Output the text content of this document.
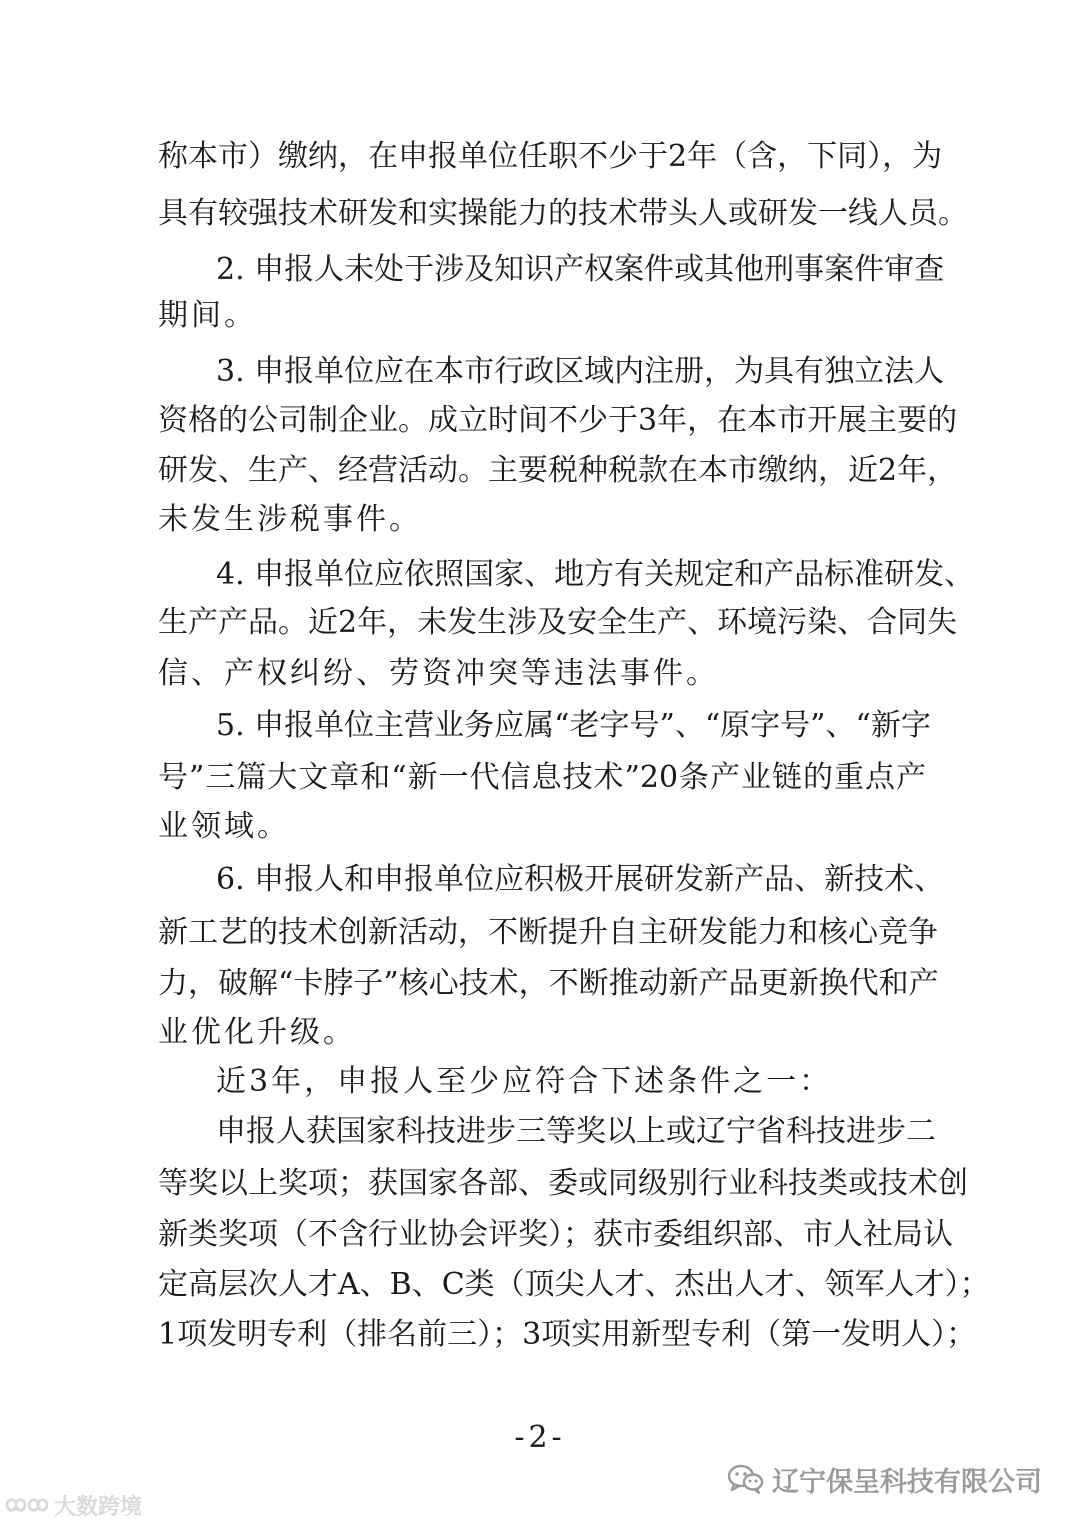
称本市）缴纳，在申报单位任职不少于2年（含，下同），为
具有较强技术研发和实操能力的技术带头人或研发一线人员。
2. 申报人未处于涉及知识产权案件或其他刑事案件审查
期间。
3. 申报单位应在本市行政区域内注册，为具有独立法人
资格的公司制企业。成立时间不少于3年，在本市开展主要的
研发、生产、经营活动。主要税种税款在本市缴纳，近2年，
未发生涉税事件。
4. 申报单位应依照国家、地方有关规定和产品标准研发、
生产产品。近2年，未发生涉及安全生产、环境污染、合同失
信、产权纠纷、劳资冲突等违法事件。
5. 申报单位主营业务应属“老字号”、“原字号”、“新字
号”三篇大文章和“新一代信息技术”20条产业链的重点产
业领域。
6. 申报人和申报单位应积极开展研发新产品、新技术、
新工艺的技术创新活动，不断提升自主研发能力和核心竞争
力，破解“卡脖子”核心技术，不断推动新产品更新换代和产
业优化升级。
近3年，申报人至少应符合下述条件之一：
申报人获国家科技进步三等奖以上或辽宁省科技进步二
等奖以上奖项；获国家各部、委或同级别行业科技类或技术创
新类奖项（不含行业协会评奖）；获市委组织部、市人社局认
定高层次人才A、B、C类（顶尖人才、杰出人才、领军人才）；
1项发明专利（排名前三）；3项实用新型专利（第一发明人）；
-2-
辽宁保呈科技有限公司
大数跨境
